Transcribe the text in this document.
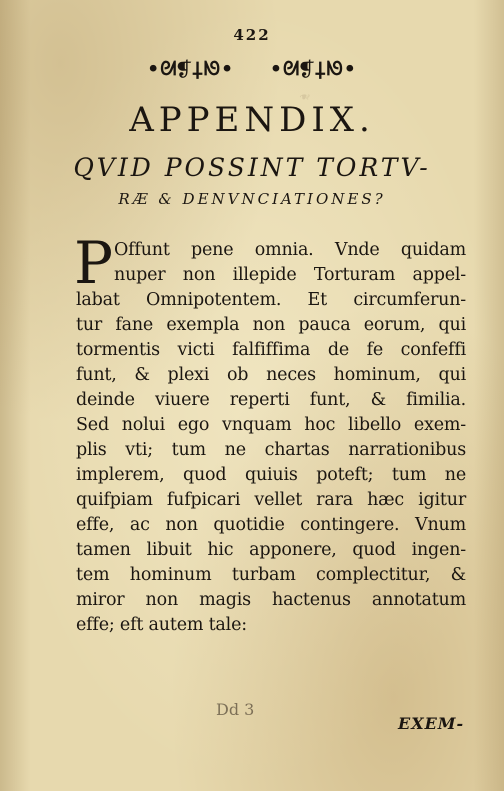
❧
422
•ᘛ❡⸸ᘚ• •ᘛ❡⸸ᘚ•
APPENDIX.
QVID POSSINT TORTV-
RÆ & DENVNCIATIONES?
P Offunt pene omnia. Vnde quidam
nuper non illepide Torturam appel-
labat Omnipotentem. Et circumferun-
tur fane exempla non pauca eorum, qui
tormentis victi falfiffima de fe confeffi
funt, & plexi ob neces hominum, qui
deinde viuere reperti funt, & fimilia.
Sed nolui ego vnquam hoc libello exem-
plis vti; tum ne chartas narrationibus
implerem, quod quiuis poteft; tum ne
quifpiam fufpicari vellet rara hæc igitur
effe, ac non quotidie contingere. Vnum
tamen libuit hic apponere, quod ingen-
tem hominum turbam complectitur, &
miror non magis hactenus annotatum
effe; eft autem tale:
Dd 3
EXEM-
